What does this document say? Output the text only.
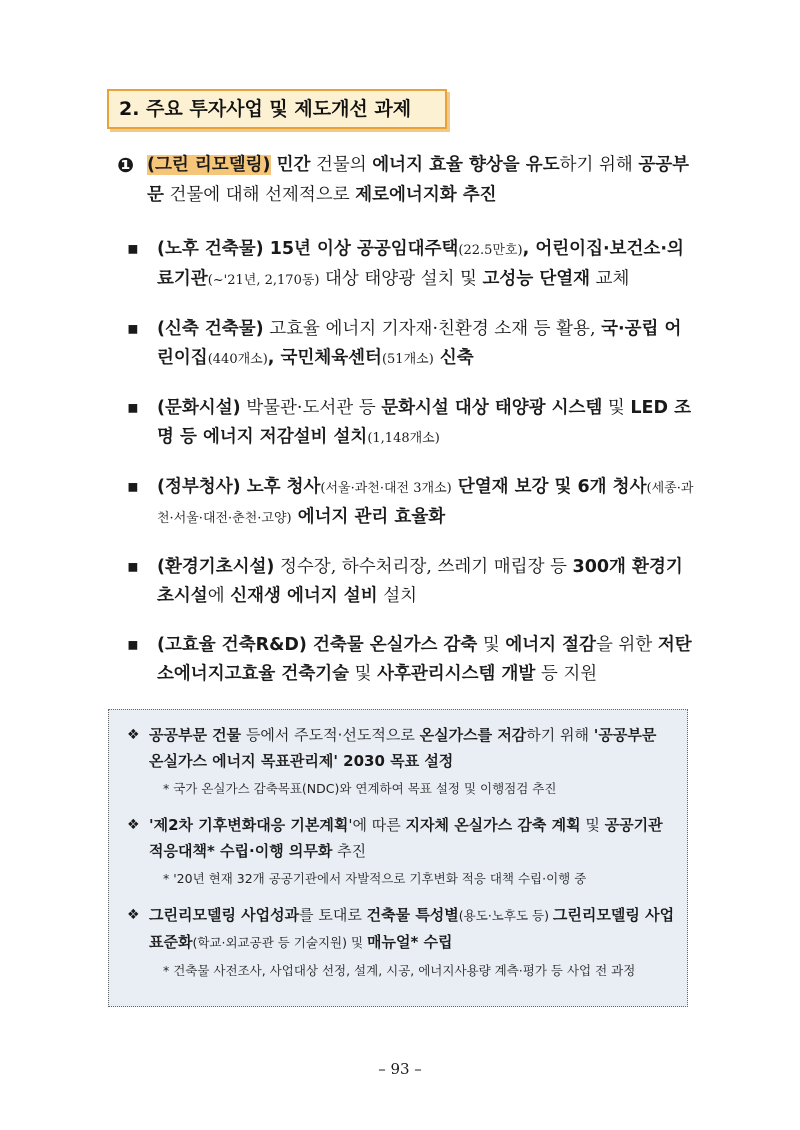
2. 주요 투자사업 및 제도개선 과제
❶ (그린 리모델링) 민간 건물의 에너지 효율 향상을 유도하기 위해 공공부문 건물에 대해 선제적으로 제로에너지화 추진
▪ (노후 건축물) 15년 이상 공공임대주택(22.5만호), 어린이집·보건소·의료기관(~'21년, 2,170동) 대상 태양광 설치 및 고성능 단열재 교체
▪ (신축 건축물) 고효율 에너지 기자재·친환경 소재 등 활용, 국·공립 어린이집(440개소), 국민체육센터(51개소) 신축
▪ (문화시설) 박물관·도서관 등 문화시설 대상 태양광 시스템 및 LED 조명 등 에너지 저감설비 설치(1,148개소)
▪ (정부청사) 노후 청사(서울·과천·대전 3개소) 단열재 보강 및 6개 청사(세종·과천·서울·대전·춘천·고양) 에너지 관리 효율화
▪ (환경기초시설) 정수장, 하수처리장, 쓰레기 매립장 등 300개 환경기초시설에 신재생 에너지 설비 설치
▪ (고효율 건축R&D) 건축물 온실가스 감축 및 에너지 절감을 위한 저탄소에너지고효율 건축기술 및 사후관리시스템 개발 등 지원
❖ 공공부문 건물 등에서 주도적·선도적으로 온실가스를 저감하기 위해 '공공부문 온실가스 에너지 목표관리제' 2030 목표 설정
* 국가 온실가스 감축목표(NDC)와 연계하여 목표 설정 및 이행점검 추진
❖ '제2차 기후변화대응 기본계획'에 따른 지자체 온실가스 감축 계획 및 공공기관 적응대책* 수립·이행 의무화 추진
* '20년 현재 32개 공공기관에서 자발적으로 기후변화 적응 대책 수립·이행 중
❖ 그린리모델링 사업성과를 토대로 건축물 특성별(용도·노후도 등) 그린리모델링 사업 표준화(학교·외교공관 등 기술지원) 및 매뉴얼* 수립
* 건축물 사전조사, 사업대상 선정, 설계, 시공, 에너지사용량 계측·평가 등 사업 전 과정
– 93 –
